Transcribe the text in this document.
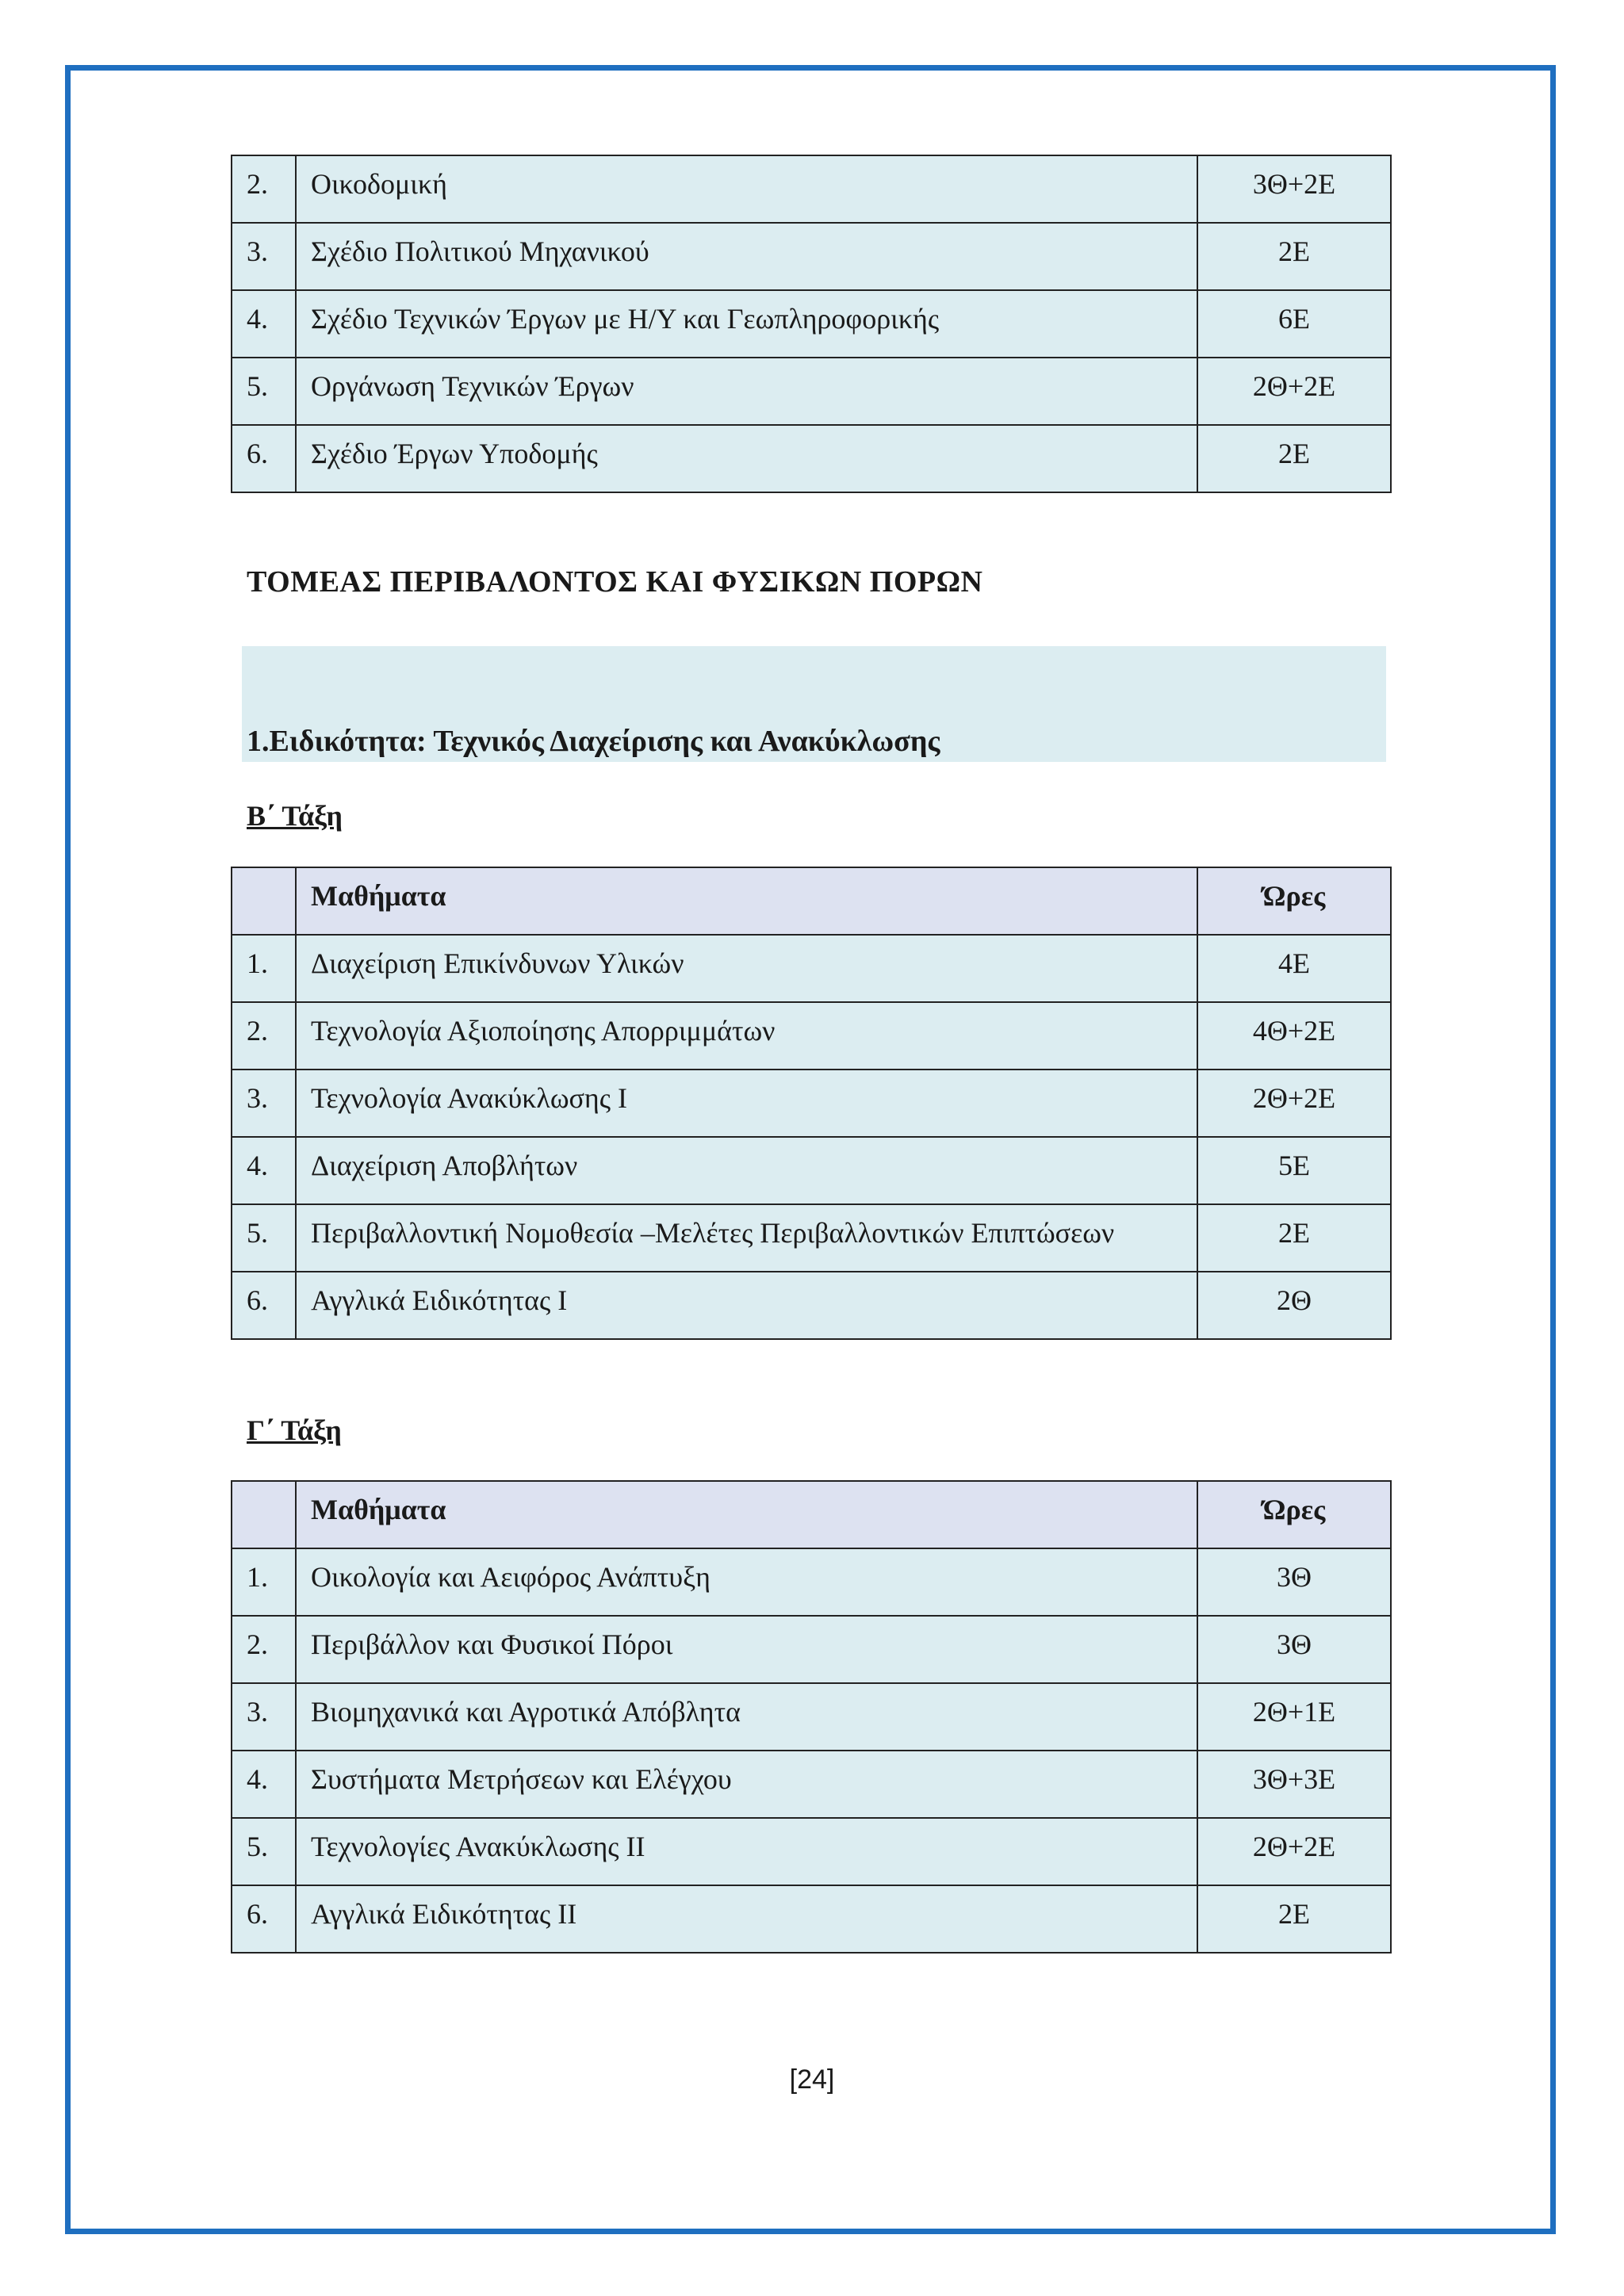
2.	Οικοδομική	3Θ+2Ε
3.	Σχέδιο Πολιτικού Μηχανικού	2Ε
4.	Σχέδιο Τεχνικών Έργων με Η/Υ και Γεωπληροφορικής	6Ε
5.	Οργάνωση Τεχνικών Έργων	2Θ+2Ε
6.	Σχέδιο Έργων Υποδομής	2Ε
ΤΟΜΕΑΣ ΠΕΡΙΒΑΛΟΝΤΟΣ ΚΑΙ ΦΥΣΙΚΩΝ ΠΟΡΩΝ
1.Ειδικότητα: Τεχνικός Διαχείρισης και Ανακύκλωσης
Β΄ Τάξη
	Μαθήματα	Ώρες
1.	Διαχείριση Επικίνδυνων Υλικών	4Ε
2.	Τεχνολογία Αξιοποίησης Απορριμμάτων	4Θ+2Ε
3.	Τεχνολογία Ανακύκλωσης Ι	2Θ+2Ε
4.	Διαχείριση Αποβλήτων	5Ε
5.	Περιβαλλοντική Νομοθεσία –Μελέτες Περιβαλλοντικών Επιπτώσεων	2Ε
6.	Αγγλικά Ειδικότητας Ι	2Θ
Γ΄ Τάξη
	Μαθήματα	Ώρες
1.	Οικολογία και Αειφόρος Ανάπτυξη	3Θ
2.	Περιβάλλον και Φυσικοί Πόροι	3Θ
3.	Βιομηχανικά και Αγροτικά Απόβλητα	2Θ+1Ε
4.	Συστήματα Μετρήσεων και Ελέγχου	3Θ+3Ε
5.	Τεχνολογίες Ανακύκλωσης ΙΙ	2Θ+2Ε
6.	Αγγλικά Ειδικότητας ΙΙ	2Ε
[24]
